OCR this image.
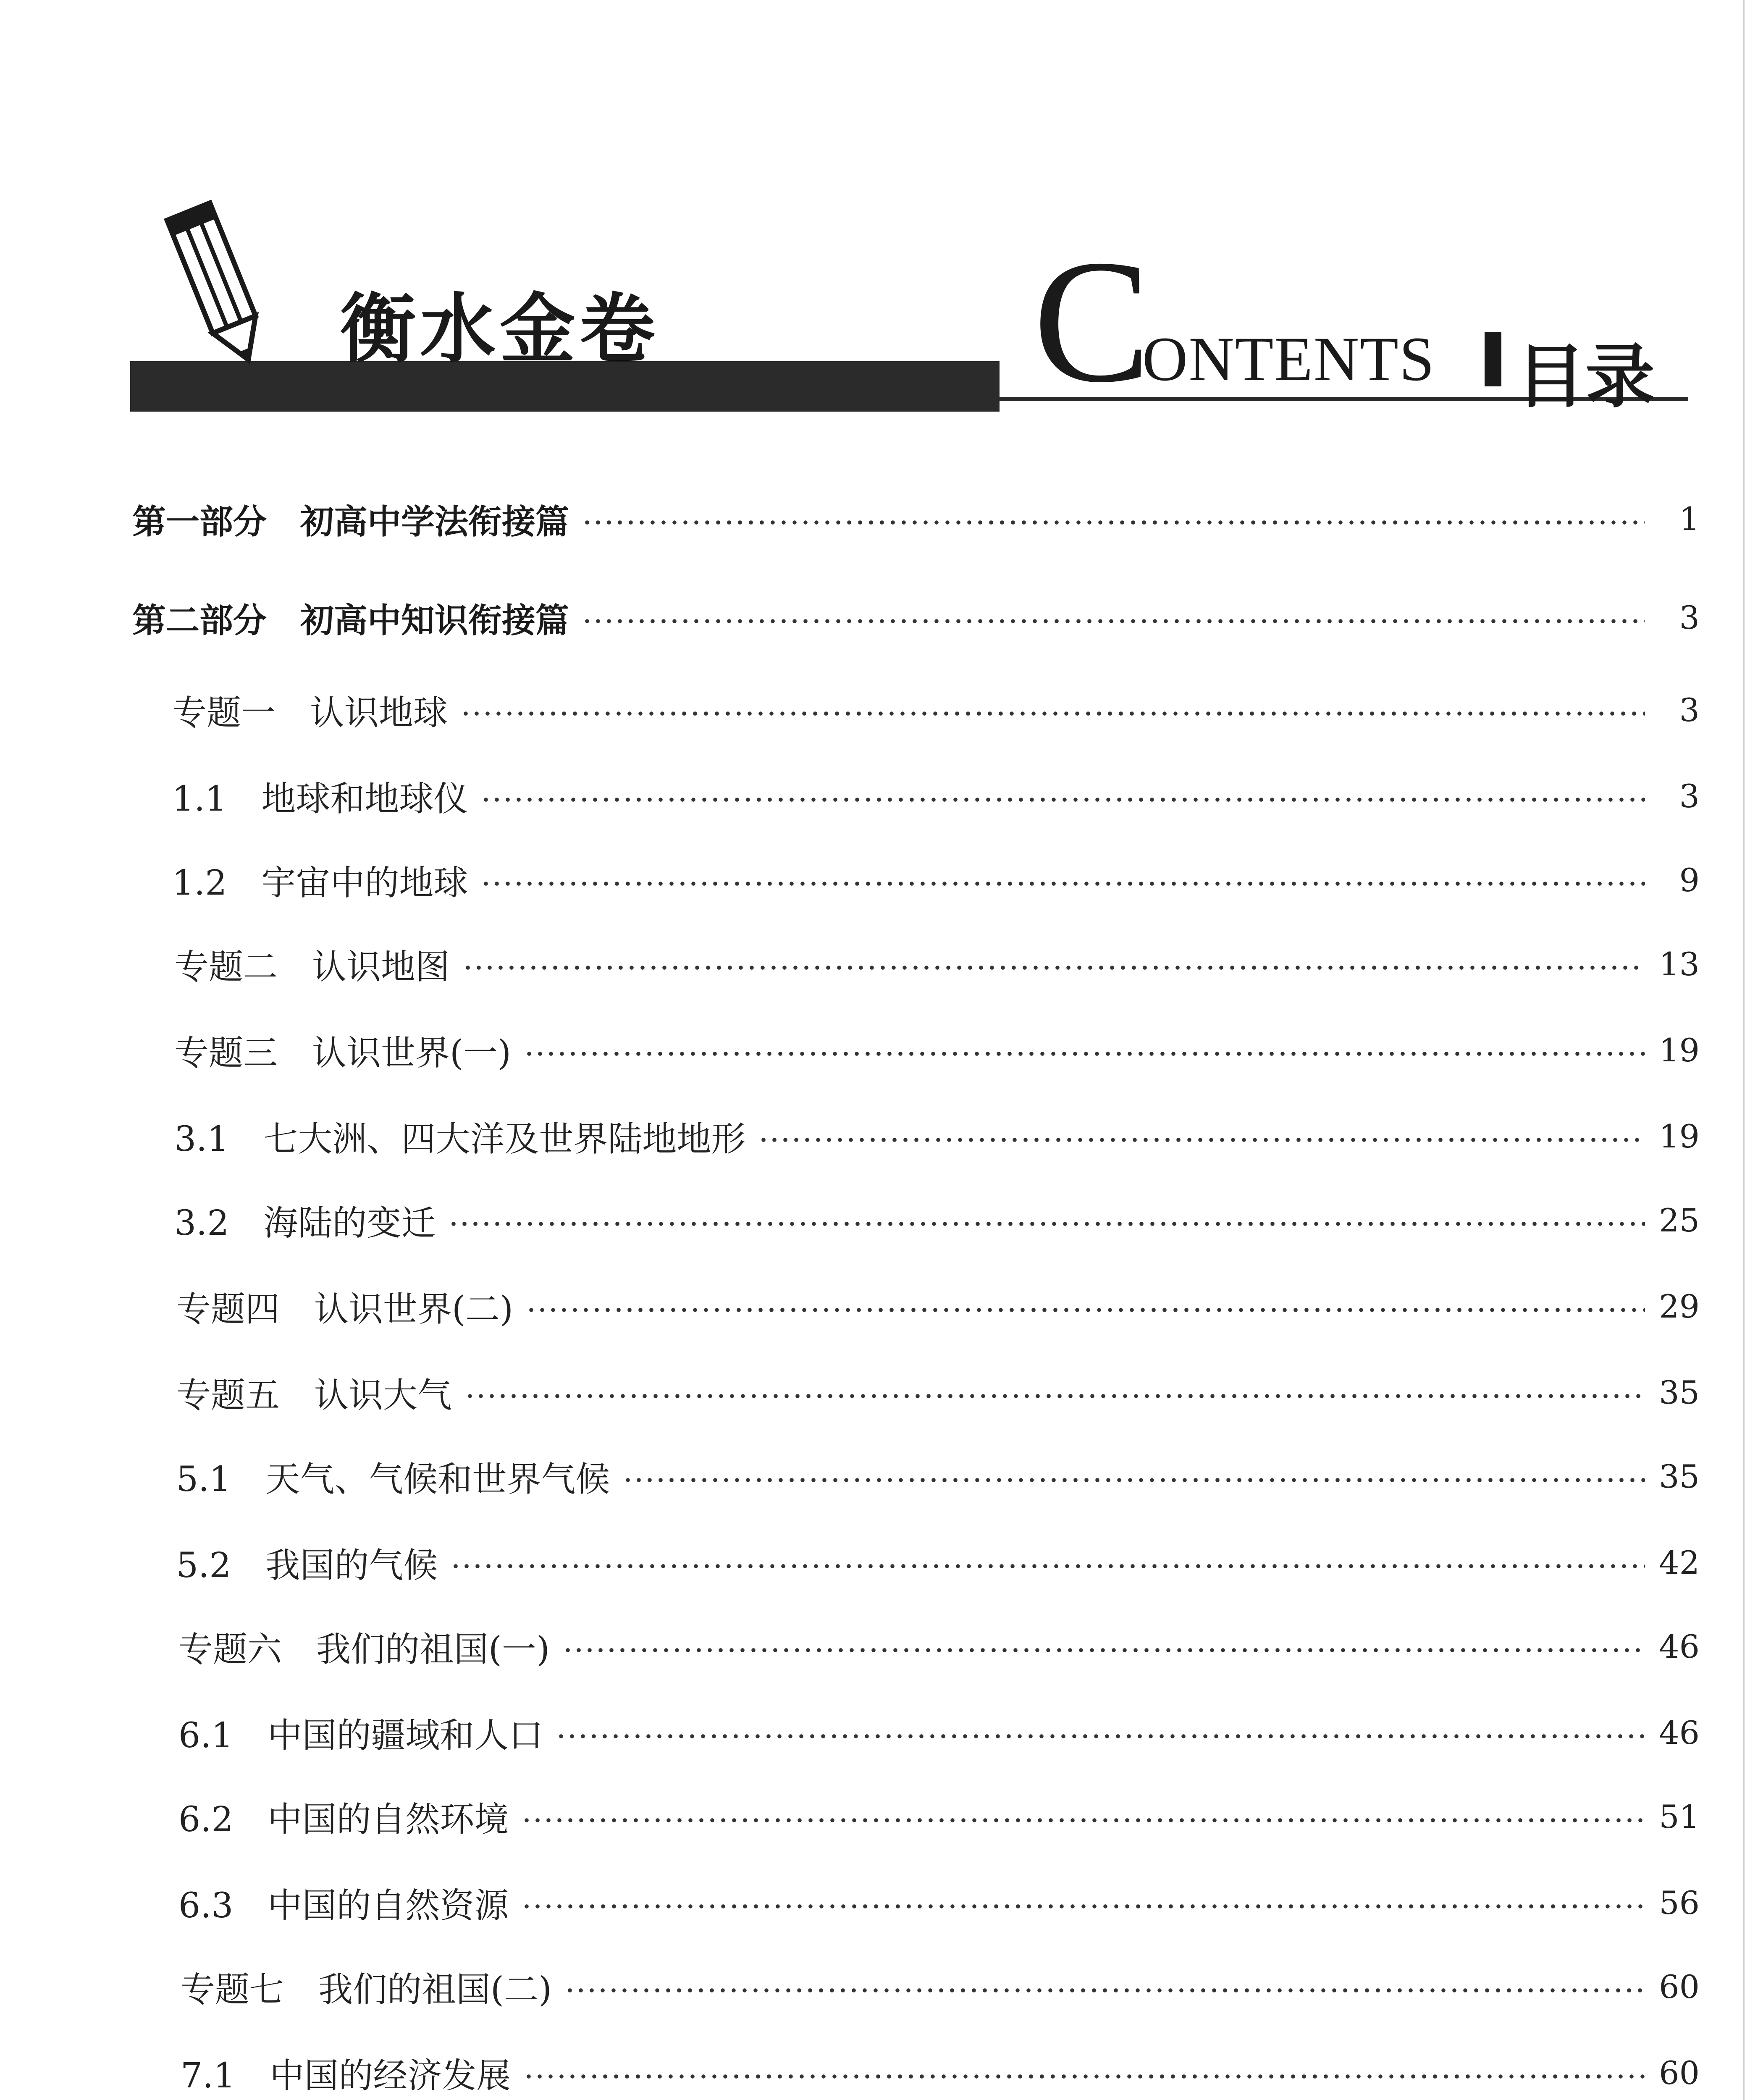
衡水金卷 C
ONTENTS 目录
第一部分　初高中学法衔接篇	1
第二部分　初高中知识衔接篇	3
专题一　认识地球	3
1.1　地球和地球仪	3
1.2　宇宙中的地球	9
专题二　认识地图	13
专题三　认识世界(一)	19
3.1　七大洲、四大洋及世界陆地地形	19
3.2　海陆的变迁	25
专题四　认识世界(二)	29
专题五　认识大气	35
5.1　天气、气候和世界气候	35
5.2　我国的气候	42
专题六　我们的祖国(一)	46
6.1　中国的疆域和人口	46
6.2　中国的自然环境	51
6.3　中国的自然资源	56
专题七　我们的祖国(二)	60
7.1　中国的经济发展	60
